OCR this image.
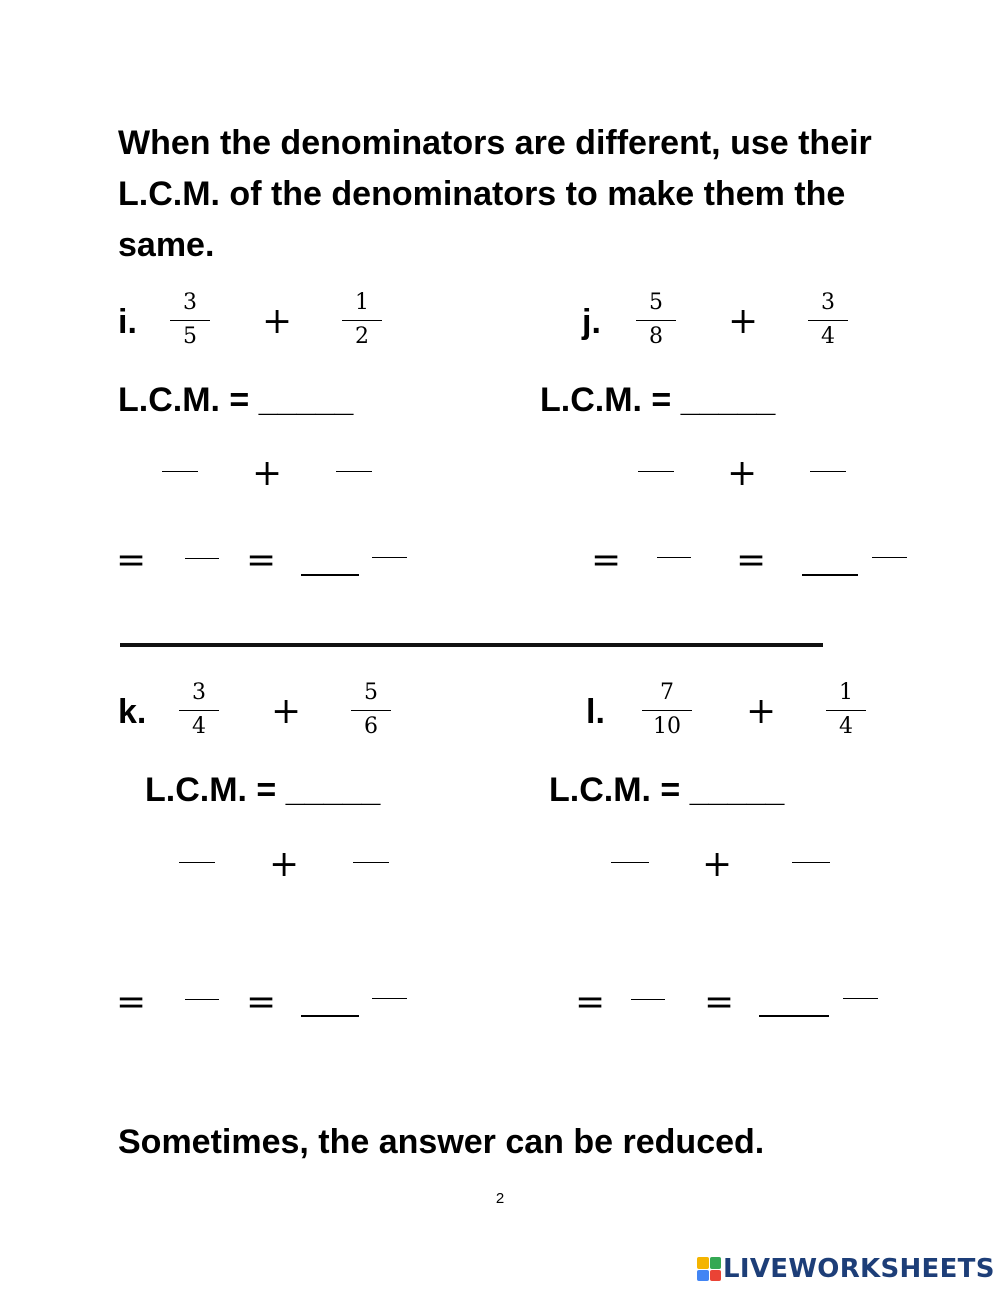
When the denominators are different, use their L.C.M. of the denominators to make them the same.
i.
3
5	+	1
2
L.C.M. = _____
+
=	=
j.
5
8	+	3
4
L.C.M. = _____
+
=	=
k.
3
4	+	5
6
L.C.M. = _____
+
=	=
l.
7
10	+	1
4
L.C.M. = _____
+
=	=
Sometimes, the answer can be reduced.
2
LIVEWORKSHEETS
